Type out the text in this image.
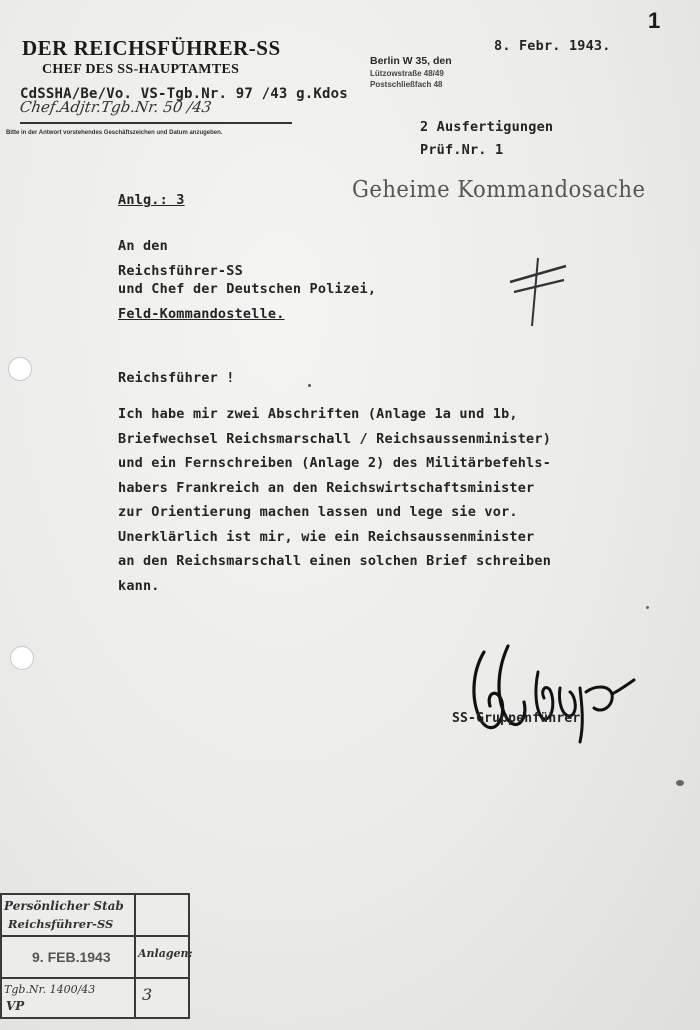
1
DER REICHSFÜHRER-SS
CHEF DES SS-HAUPTAMTES
CdSSHA/Be/Vo. VS-Tgb.Nr. 97 /43 g.Kdos
Chef.Adjtr.Tgb.Nr. 50 /43
Bitte in der Antwort vorstehendes Geschäftszeichen und Datum anzugeben.
Berlin W 35, den
Lützowstraße 48/49
Postschließfach 48
8. Febr. 1943.
2 Ausfertigungen
Prüf.Nr. 1
Geheime Kommandosache
Anlg.: 3
An den
Reichsführer-SS
und Chef der Deutschen Polizei,
Feld-Kommandostelle.
Reichsführer !
Ich habe mir zwei Abschriften (Anlage 1a und 1b,
Briefwechsel Reichsmarschall / Reichsaussenminister)
und ein Fernschreiben (Anlage 2) des Militärbefehls-
habers Frankreich an den Reichswirtschaftsminister
zur Orientierung machen lassen und lege sie vor.
Unerklärlich ist mir, wie ein Reichsaussenminister
an den Reichsmarschall einen solchen Brief schreiben
kann.
SS-Gruppenführer
Persönlicher Stab
Reichsführer-SS
9. FEB.1943 Anlagen:
Tgb.Nr. 1400/43	3
VP
